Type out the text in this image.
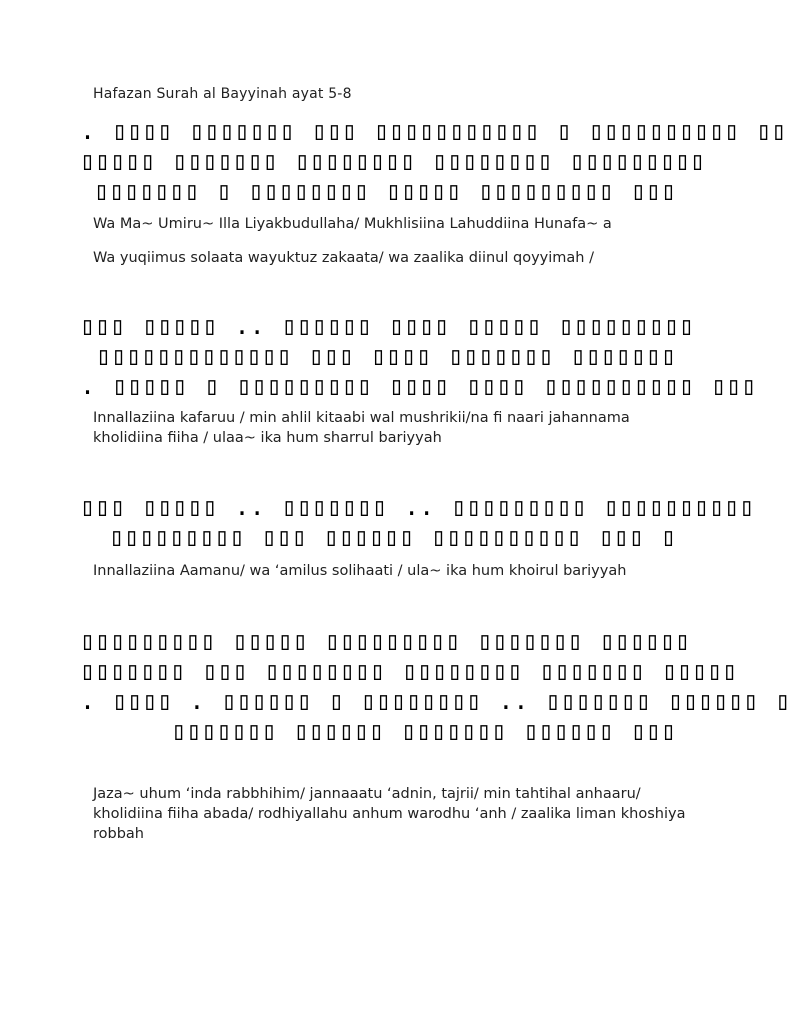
Hafazan Surah al Bayyinah ayat 5-8
. ▯▯▯▯ ▯▯▯▯▯▯▯ ▯▯▯ ▯▯▯▯▯▯▯▯▯▯▯ ▯ ▯▯▯▯▯▯▯▯▯▯ ▯▯
▯▯▯▯▯ ▯▯▯▯▯▯▯ ▯▯▯▯▯▯▯▯ ▯▯▯▯▯▯▯▯ ▯▯▯▯▯▯▯▯▯
▯▯▯▯▯▯▯ ▯ ▯▯▯▯▯▯▯▯ ▯▯▯▯▯ ▯▯▯▯▯▯▯▯▯ ▯▯▯
Wa Ma~ Umiru~ Illa Liyakbudullaha/ Mukhlisiina Lahuddiina Hunafa~ a
Wa yuqiimus solaata wayuktuz zakaata/ wa zaalika diinul qoyyimah /
▯▯▯ ▯▯▯▯▯ .. ▯▯▯▯▯▯ ▯▯▯▯ ▯▯▯▯▯ ▯▯▯▯▯▯▯▯▯
▯▯▯▯▯▯▯▯▯▯▯▯▯ ▯▯▯ ▯▯▯▯ ▯▯▯▯▯▯▯ ▯▯▯▯▯▯▯
. ▯▯▯▯▯ ▯ ▯▯▯▯▯▯▯▯▯ ▯▯▯▯ ▯▯▯▯ ▯▯▯▯▯▯▯▯▯▯ ▯▯▯
Innallaziina kafaruu / min ahlil kitaabi wal mushrikii/na fi naari jahannama kholidiina fiiha / ulaa~ ika hum sharrul bariyyah
▯▯▯ ▯▯▯▯▯ .. ▯▯▯▯▯▯▯ .. ▯▯▯▯▯▯▯▯▯ ▯▯▯▯▯▯▯▯▯▯
▯▯▯▯▯▯▯▯▯ ▯▯▯ ▯▯▯▯▯▯ ▯▯▯▯▯▯▯▯▯▯ ▯▯▯ ▯
Innallaziina Aamanu/ wa ‘amilus solihaati / ula~ ika hum khoirul bariyyah
▯▯▯▯▯▯▯▯▯ ▯▯▯▯▯ ▯▯▯▯▯▯▯▯▯ ▯▯▯▯▯▯▯ ▯▯▯▯▯▯
▯▯▯▯▯▯▯ ▯▯▯ ▯▯▯▯▯▯▯▯ ▯▯▯▯▯▯▯▯ ▯▯▯▯▯▯▯ ▯▯▯▯▯
. ▯▯▯▯ . ▯▯▯▯▯▯ ▯ ▯▯▯▯▯▯▯▯ .. ▯▯▯▯▯▯▯ ▯▯▯▯▯▯ ▯
▯▯▯▯▯▯▯ ▯▯▯▯▯▯ ▯▯▯▯▯▯▯ ▯▯▯▯▯▯ ▯▯▯
Jaza~ uhum ‘inda rabbhihim/ jannaaatu ‘adnin, tajrii/ min tahtihal anhaaru/ kholidiina fiiha abada/ rodhiyallahu anhum warodhu ‘anh / zaalika liman khoshiya robbah
